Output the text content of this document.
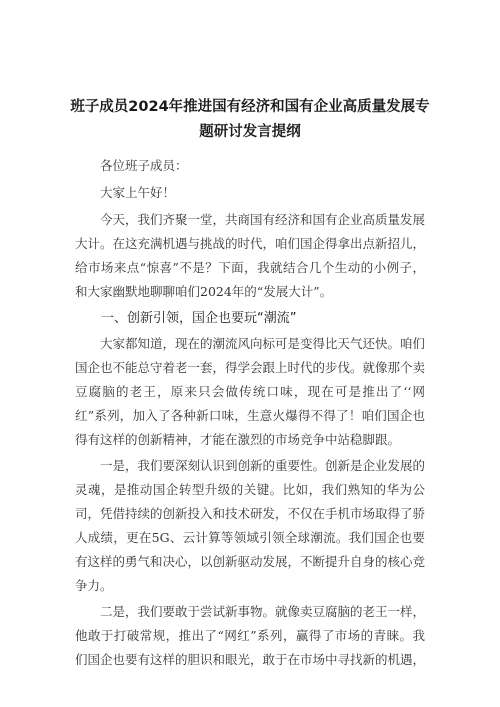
班子成员2024年推进国有经济和国有企业高质量发展专题研讨发言提纲

各位班子成员：

大家上午好！

今天，我们齐聚一堂，共商国有经济和国有企业高质量发展大计。在这充满机遇与挑战的时代，咱们国企得拿出点新招儿，给市场来点“惊喜”不是？下面，我就结合几个生动的小例子，和大家幽默地聊聊咱们2024年的“发展大计”。

一、创新引领，国企也要玩“潮流”

大家都知道，现在的潮流风向标可是变得比天气还快。咱们国企也不能总守着老一套，得学会跟上时代的步伐。就像那个卖豆腐脑的老王，原来只会做传统口味，现在可是推出了‘‘网红”系列，加入了各种新口味，生意火爆得不得了！咱们国企也得有这样的创新精神，才能在激烈的市场竞争中站稳脚跟。

一是，我们要深刻认识到创新的重要性。创新是企业发展的灵魂，是推动国企转型升级的关键。比如，我们熟知的华为公司，凭借持续的创新投入和技术研发，不仅在手机市场取得了骄人成绩，更在5G、云计算等领域引领全球潮流。我们国企也要有这样的勇气和决心，以创新驱动发展，不断提升自身的核心竞争力。

二是，我们要敢于尝试新事物。就像卖豆腐脑的老王一样，他敢于打破常规，推出了“网红”系列，赢得了市场的青睐。我们国企也要有这样的胆识和眼光，敢于在市场中寻找新的机遇，
